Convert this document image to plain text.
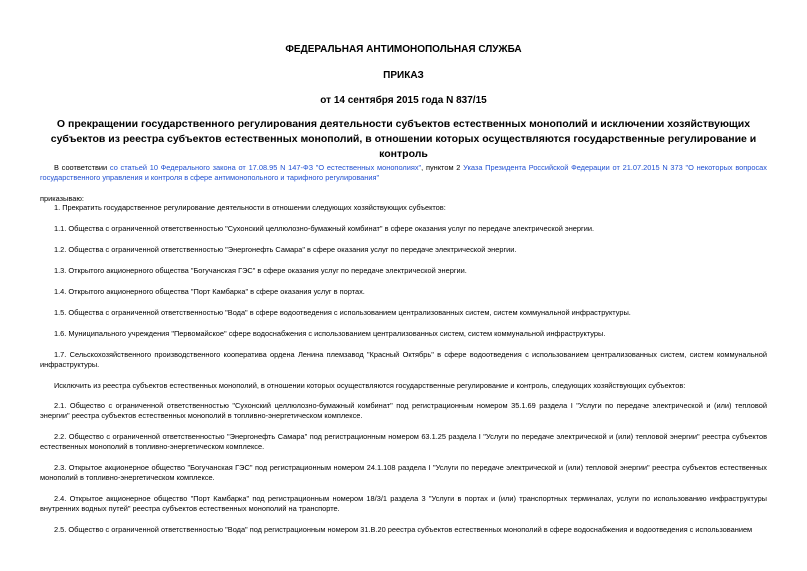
ФЕДЕРАЛЬНАЯ АНТИМОНОПОЛЬНАЯ СЛУЖБА
ПРИКАЗ
от 14 сентября 2015 года N 837/15
О прекращении государственного регулирования деятельности субъектов естественных монополий и исключении хозяйствующих субъектов из реестра субъектов естественных монополий, в отношении которых осуществляются государственные регулирование и контроль
В соответствии со статьей 10 Федерального закона от 17.08.95 N 147-ФЗ "О естественных монополиях", пунктом 2 Указа Президента Российской Федерации от 21.07.2015 N 373 "О некоторых вопросах государственного управления и контроля в сфере антимонопольного и тарифного регулирования"
приказываю:
1. Прекратить государственное регулирование деятельности в отношении следующих хозяйствующих субъектов:
1.1. Общества с ограниченной ответственностью "Сухонский целлюлозно-бумажный комбинат" в сфере оказания услуг по передаче электрической энергии.
1.2. Общества с ограниченной ответственностью "Энергонефть Самара" в сфере оказания услуг по передаче электрической энергии.
1.3. Открытого акционерного общества "Богучанская ГЭС" в сфере оказания услуг по передаче электрической энергии.
1.4. Открытого акционерного общества "Порт Камбарка" в сфере оказания услуг в портах.
1.5. Общества с ограниченной ответственностью "Вода" в сфере водоотведения с использованием централизованных систем, систем коммунальной инфраструктуры.
1.6. Муниципального учреждения "Первомайское" сфере водоснабжения с использованием централизованных систем, систем коммунальной инфраструктуры.
1.7. Сельскохозяйственного производственного кооператива ордена Ленина племзавод "Красный Октябрь" в сфере водоотведения с использованием централизованных систем, систем коммунальной инфраструктуры.
Исключить из реестра субъектов естественных монополий, в отношении которых осуществляются государственные регулирование и контроль, следующих хозяйствующих субъектов:
2.1. Общество с ограниченной ответственностью "Сухонский целлюлозно-бумажный комбинат" под регистрационным номером 35.1.69 раздела I "Услуги по передаче электрической и (или) тепловой энергии" реестра субъектов естественных монополий в топливно-энергетическом комплексе.
2.2. Общество с ограниченной ответственностью "Энергонефть Самара" под регистрационным номером 63.1.25 раздела I "Услуги по передаче электрической и (или) тепловой энергии" реестра субъектов естественных монополий в топливно-энергетическом комплексе.
2.3. Открытое акционерное общество "Богучанская ГЭС" под регистрационным номером 24.1.108 раздела I "Услуги по передаче электрической и (или) тепловой энергии" реестра субъектов естественных монополий в топливно-энергетическом комплексе.
2.4. Открытое акционерное общество "Порт Камбарка" под регистрационным номером 18/3/1 раздела 3 "Услуги в портах и (или) транспортных терминалах, услуги по использованию инфраструктуры внутренних водных путей" реестра субъектов естественных монополий на транспорте.
2.5. Общество с ограниченной ответственностью "Вода" под регистрационным номером 31.В.20 реестра субъектов естественных монополий в сфере водоснабжения и водоотведения с использованием
